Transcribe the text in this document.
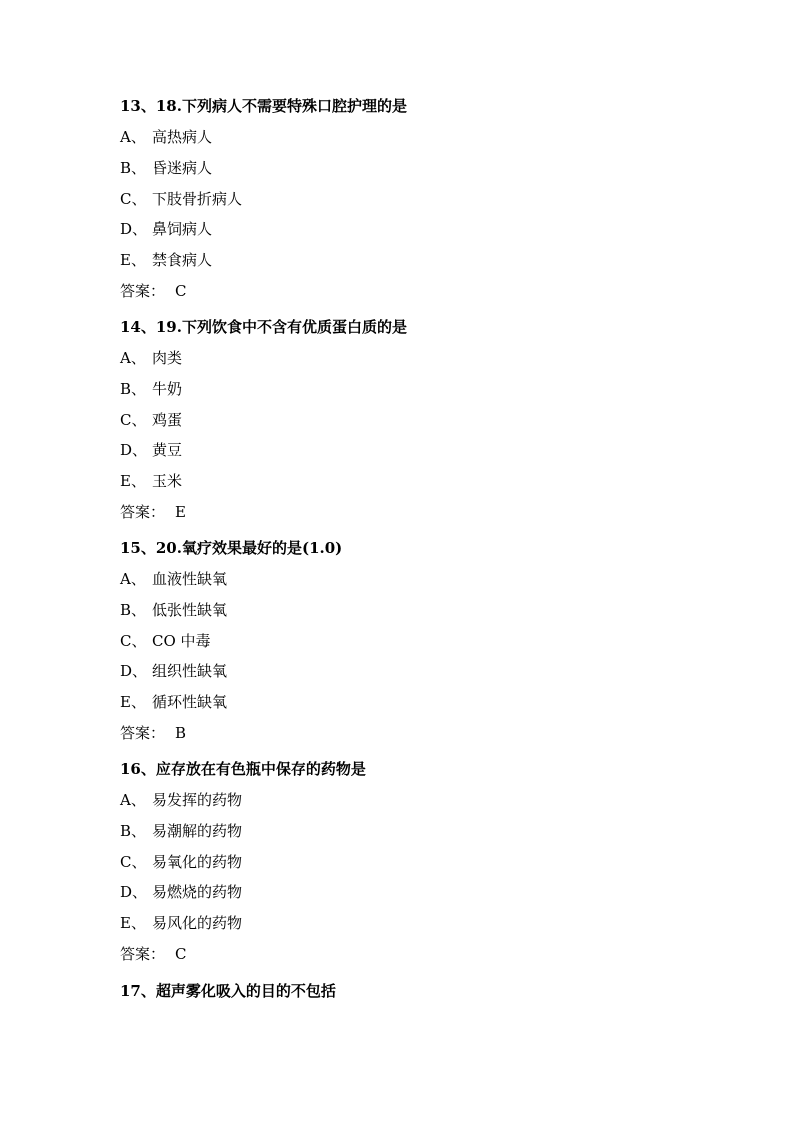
13、18.下列病人不需要特殊口腔护理的是
A、 高热病人
B、 昏迷病人
C、 下肢骨折病人
D、 鼻饲病人
E、 禁食病人
答案： C
14、19.下列饮食中不含有优质蛋白质的是
A、 肉类
B、 牛奶
C、 鸡蛋
D、 黄豆
E、 玉米
答案： E
15、20.氧疗效果最好的是(1.0)
A、 血液性缺氧
B、 低张性缺氧
C、 CO 中毒
D、 组织性缺氧
E、 循环性缺氧
答案： B
16、应存放在有色瓶中保存的药物是
A、 易发挥的药物
B、 易潮解的药物
C、 易氧化的药物
D、 易燃烧的药物
E、 易风化的药物
答案： C
17、超声雾化吸入的目的不包括
